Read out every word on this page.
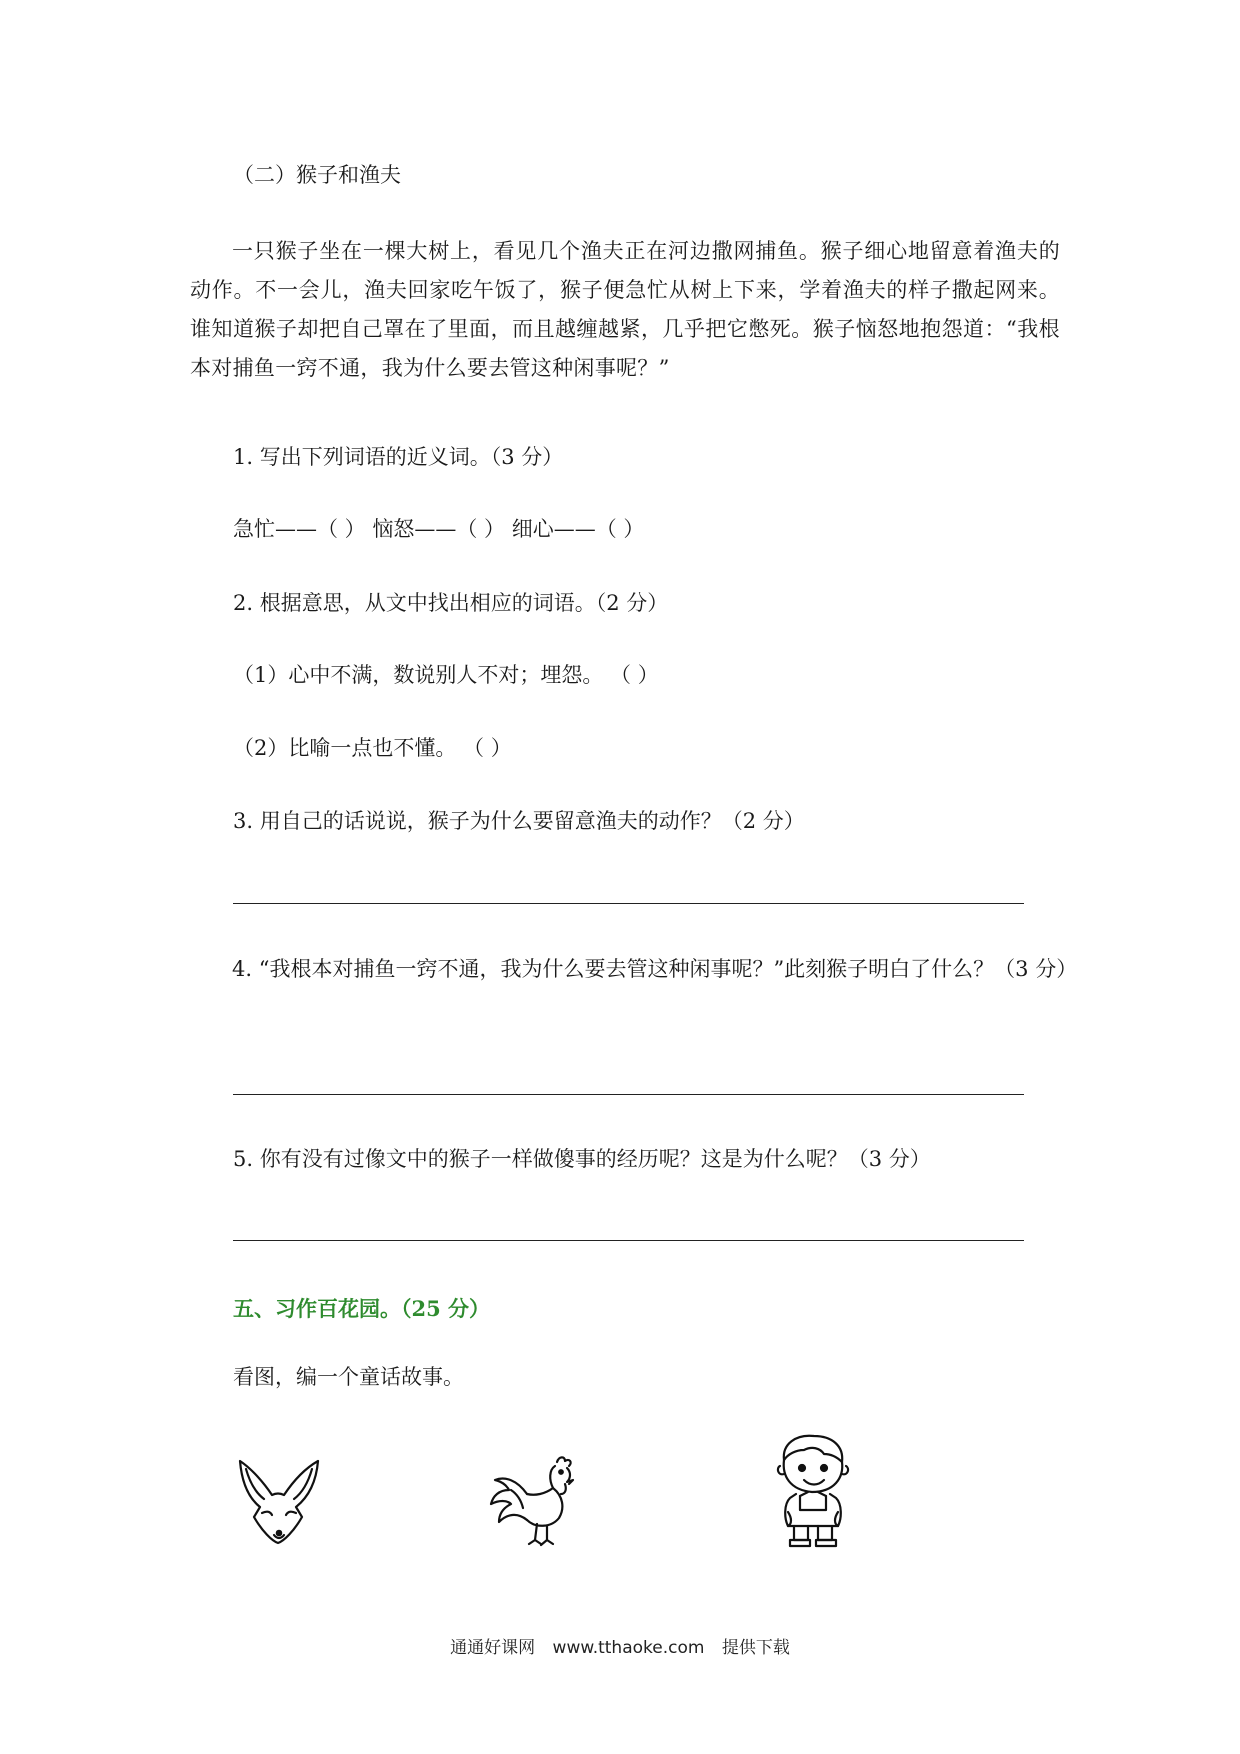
（二）猴子和渔夫
一只猴子坐在一棵大树上，看见几个渔夫正在河边撒网捕鱼。猴子细心地留意着渔夫的动作。不一会儿，渔夫回家吃午饭了，猴子便急忙从树上下来，学着渔夫的样子撒起网来。谁知道猴子却把自己罩在了里面，而且越缠越紧，几乎把它憋死。猴子恼怒地抱怨道：“我根本对捕鱼一窍不通，我为什么要去管这种闲事呢？”
1. 写出下列词语的近义词。（3 分）
急忙——（ ） 恼怒——（ ） 细心——（ ）
2. 根据意思，从文中找出相应的词语。（2 分）
（1）心中不满，数说别人不对；埋怨。 （ ）
（2）比喻一点也不懂。 （ ）
3. 用自己的话说说，猴子为什么要留意渔夫的动作？（2 分）
4. “我根本对捕鱼一窍不通，我为什么要去管这种闲事呢？”此刻猴子明白了什么？（3 分）
5. 你有没有过像文中的猴子一样做傻事的经历呢？这是为什么呢？（3 分）
五、习作百花园。（25 分）
看图，编一个童话故事。
通通好课网 www.tthaoke.com 提供下载
